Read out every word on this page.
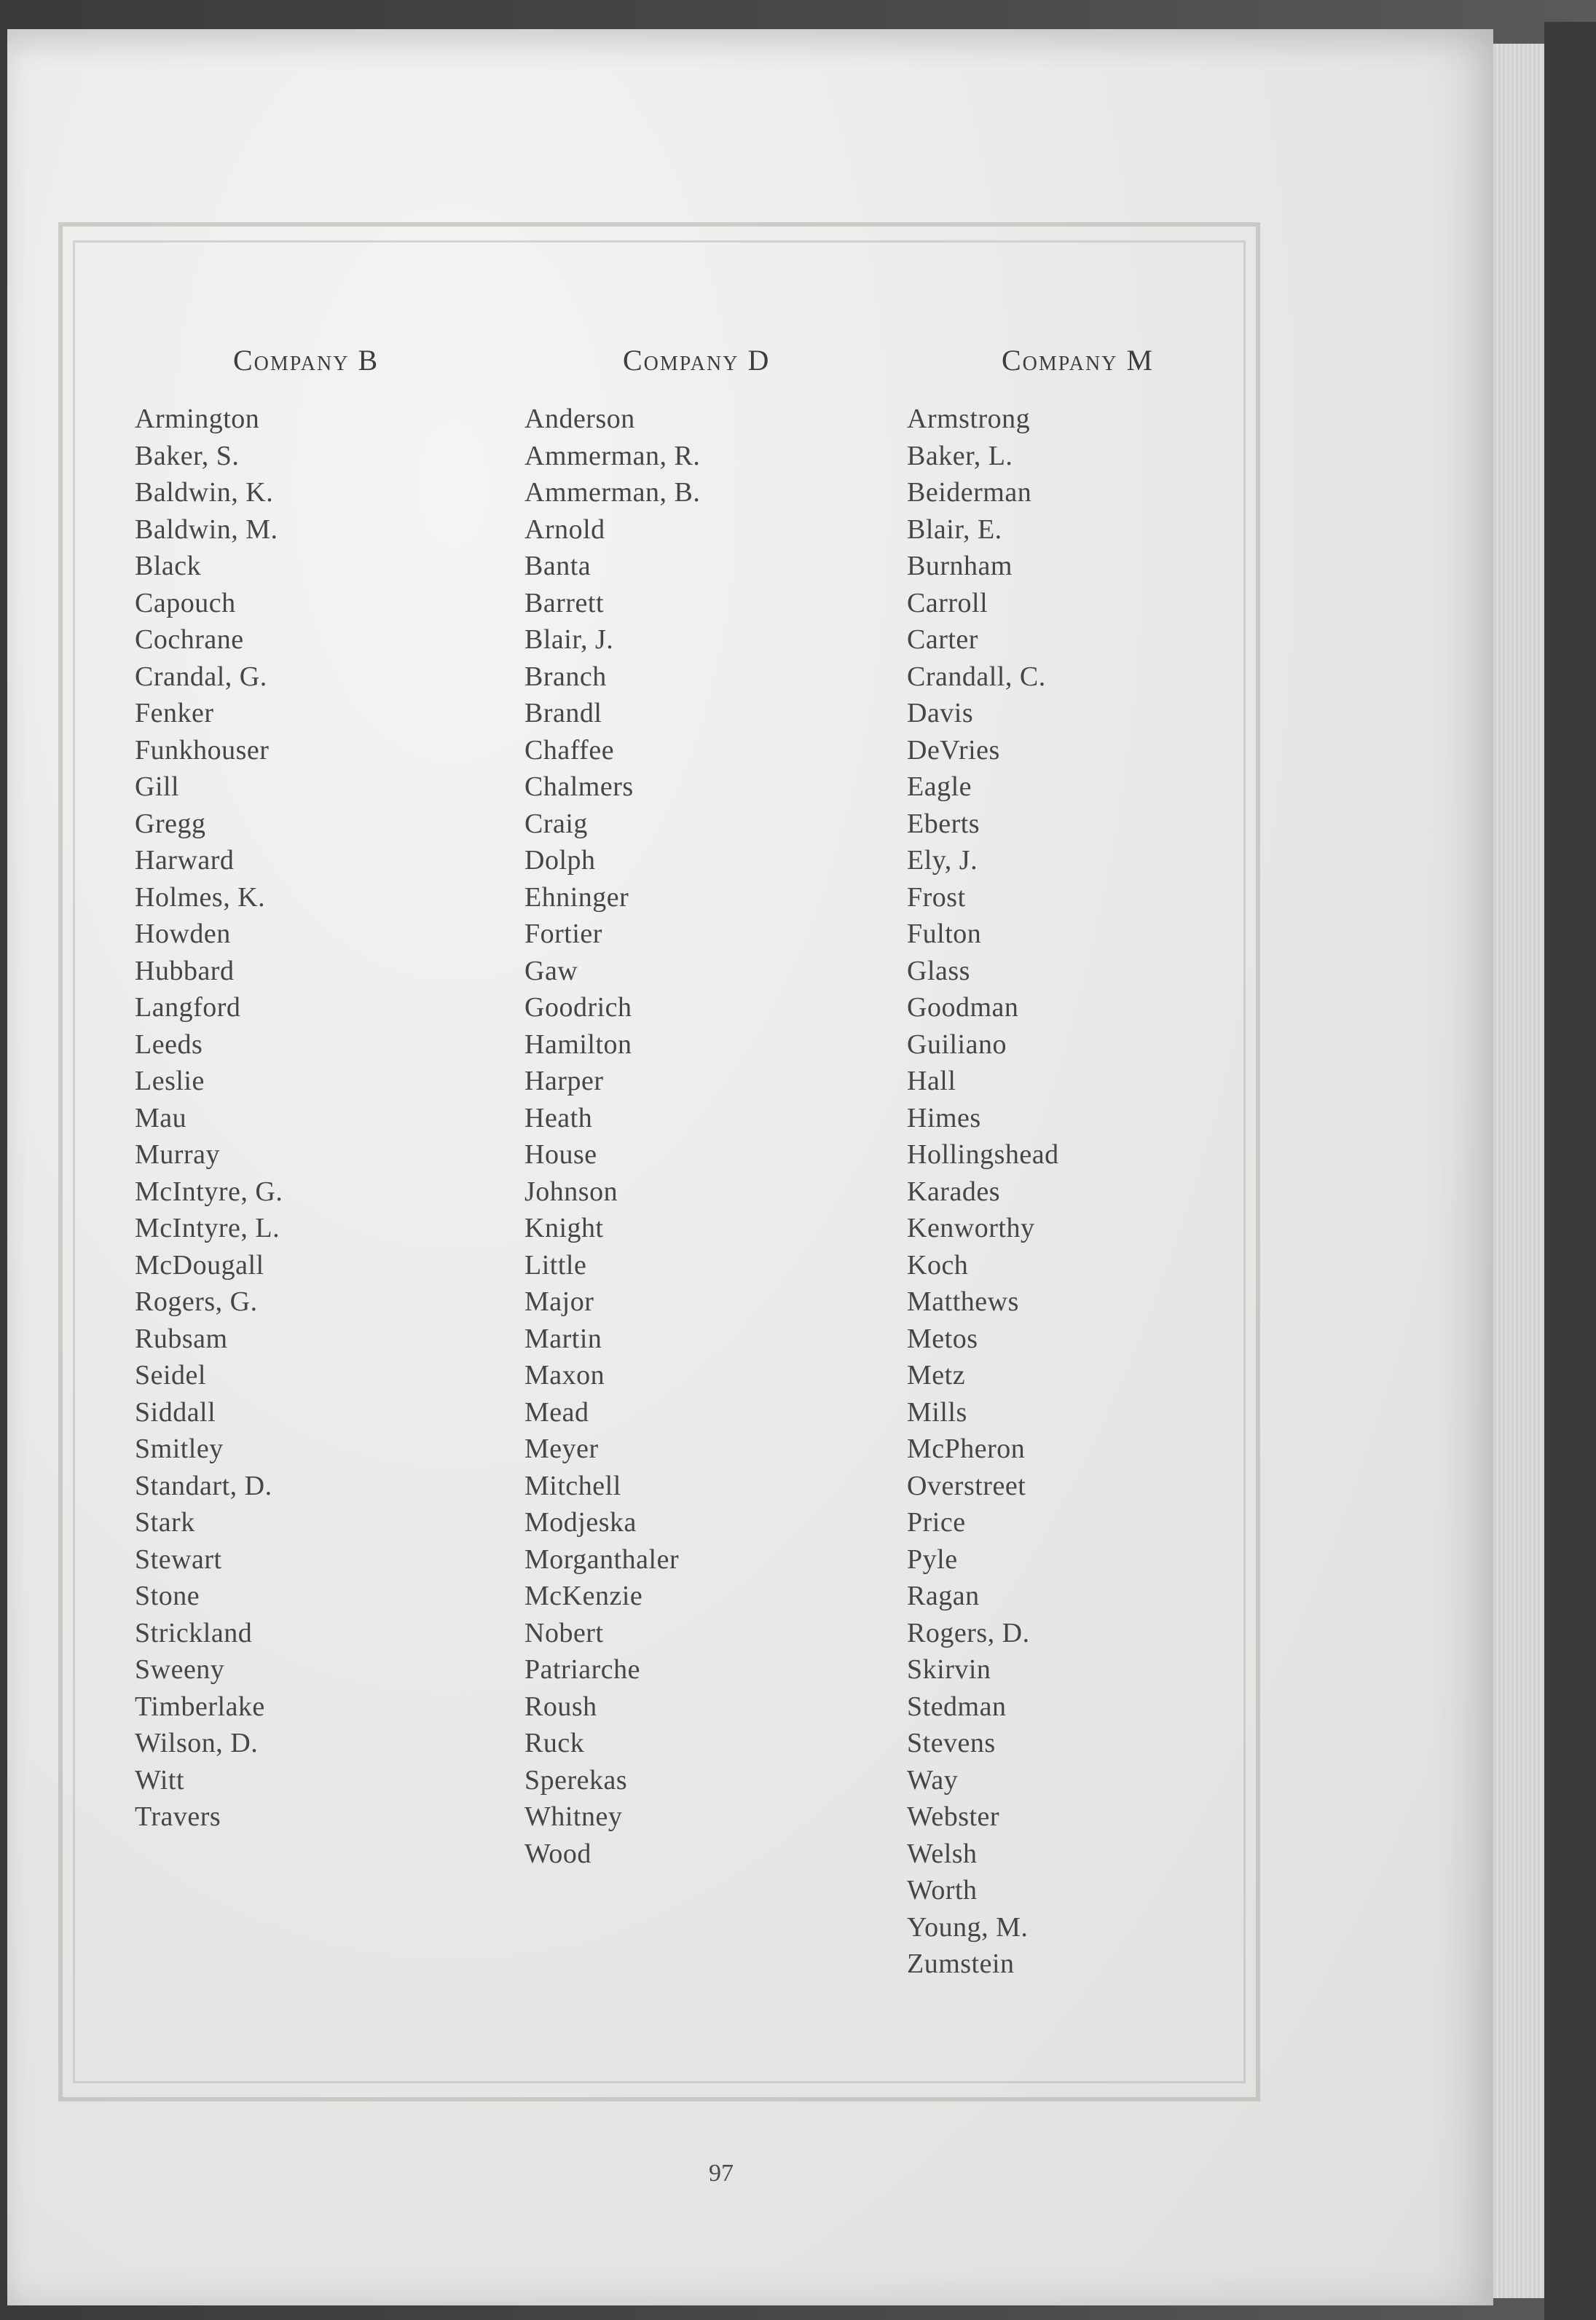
Company B
Armington
Baker, S.
Baldwin, K.
Baldwin, M.
Black
Capouch
Cochrane
Crandal, G.
Fenker
Funkhouser
Gill
Gregg
Harward
Holmes, K.
Howden
Hubbard
Langford
Leeds
Leslie
Mau
Murray
McIntyre, G.
McIntyre, L.
McDougall
Rogers, G.
Rubsam
Seidel
Siddall
Smitley
Standart, D.
Stark
Stewart
Stone
Strickland
Sweeny
Timberlake
Wilson, D.
Witt
Travers
Company D
Anderson
Ammerman, R.
Ammerman, B.
Arnold
Banta
Barrett
Blair, J.
Branch
Brandl
Chaffee
Chalmers
Craig
Dolph
Ehninger
Fortier
Gaw
Goodrich
Hamilton
Harper
Heath
House
Johnson
Knight
Little
Major
Martin
Maxon
Mead
Meyer
Mitchell
Modjeska
Morganthaler
McKenzie
Nobert
Patriarche
Roush
Ruck
Sperekas
Whitney
Wood
Company M
Armstrong
Baker, L.
Beiderman
Blair, E.
Burnham
Carroll
Carter
Crandall, C.
Davis
DeVries
Eagle
Eberts
Ely, J.
Frost
Fulton
Glass
Goodman
Guiliano
Hall
Himes
Hollingshead
Karades
Kenworthy
Koch
Matthews
Metos
Metz
Mills
McPheron
Overstreet
Price
Pyle
Ragan
Rogers, D.
Skirvin
Stedman
Stevens
Way
Webster
Welsh
Worth
Young, M.
Zumstein
97
